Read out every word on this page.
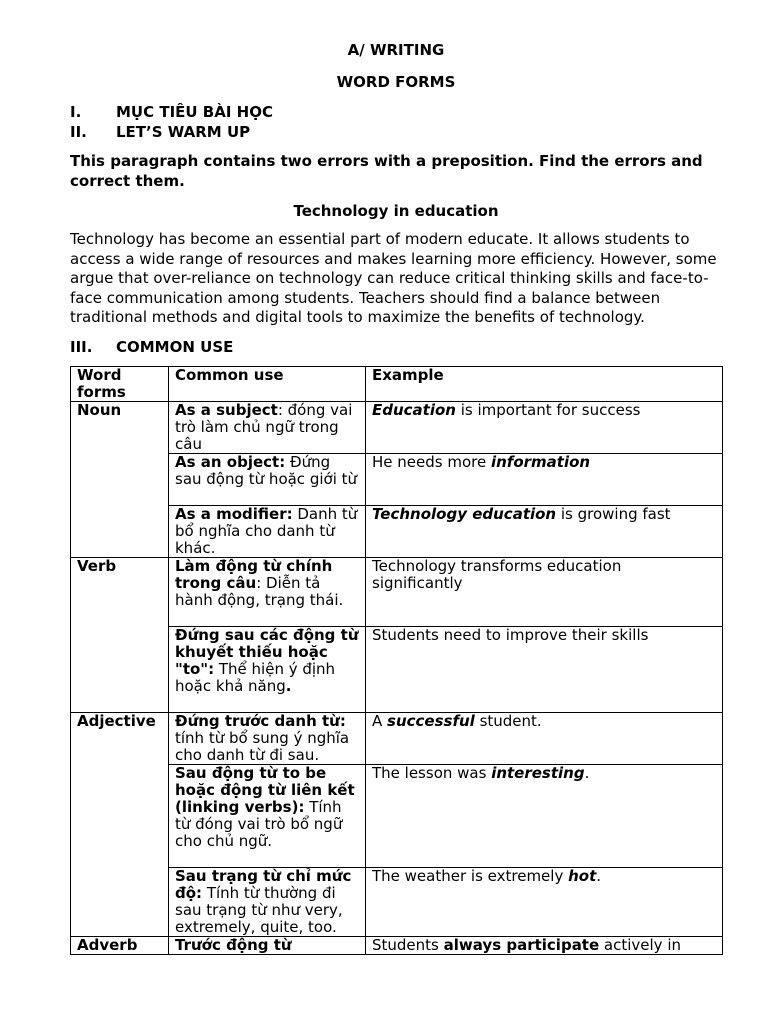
A/ WRITING
WORD FORMS
I.	MỤC TIÊU BÀI HỌC
II.	LET’S WARM UP
This paragraph contains two errors with a preposition. Find the errors and correct them.
Technology in education
Technology has become an essential part of modern educate. It allows students to access a wide range of resources and makes learning more efficiency. However, some argue that over-reliance on technology can reduce critical thinking skills and face-to-face communication among students. Teachers should find a balance between traditional methods and digital tools to maximize the benefits of technology.
III.	COMMON USE
Word forms	Common use	Example
Noun	As a subject: đóng vai trò làm chủ ngữ trong câu	Education is important for success
	As an object: Đứng sau động từ hoặc giới từ	He needs more information
	As a modifier: Danh từ bổ nghĩa cho danh từ khác.	Technology education is growing fast
Verb	Làm động từ chính trong câu: Diễn tả hành động, trạng thái.	Technology transforms education significantly
	Đứng sau các động từ khuyết thiếu hoặc "to": Thể hiện ý định hoặc khả năng.	Students need to improve their skills
Adjective	Đứng trước danh từ: tính từ bổ sung ý nghĩa cho danh từ đi sau.	A successful student.
	Sau động từ to be hoặc động từ liên kết (linking verbs): Tính từ đóng vai trò bổ ngữ cho chủ ngữ.	The lesson was interesting.
	Sau trạng từ chỉ mức độ: Tính từ thường đi sau trạng từ như very, extremely, quite, too.	The weather is extremely hot.
Adverb	Trước động từ	Students always participate actively in
